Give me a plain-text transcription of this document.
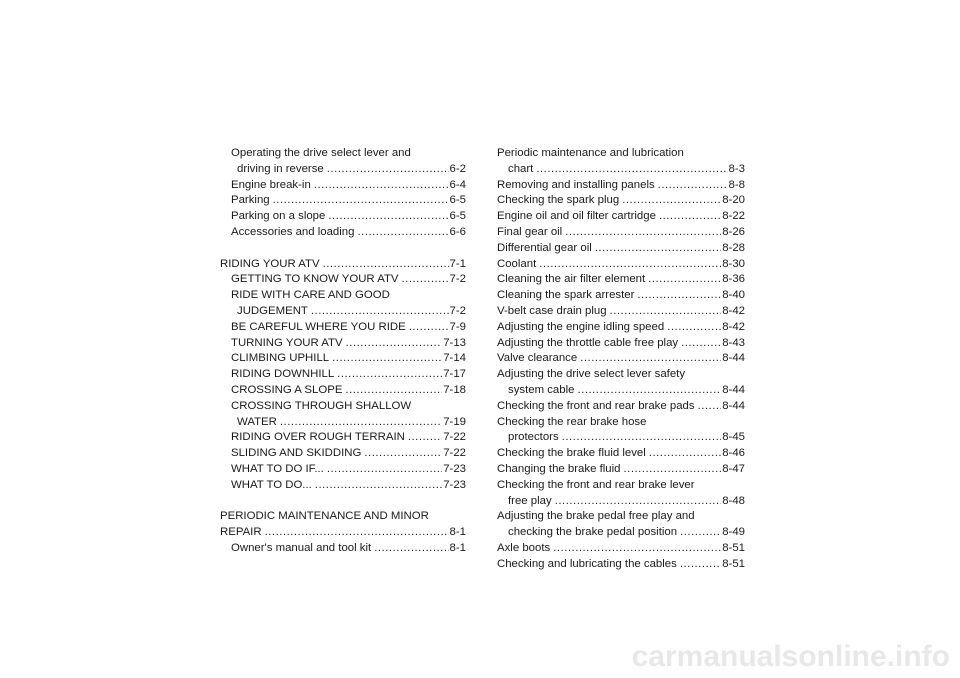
Operating the drive select lever and
driving in reverse .....	6-2
Engine break-in .....	6-4
Parking .....	6-5
Parking on a slope .....	6-5
Accessories and loading .....	6-6
RIDING YOUR ATV .....	7-1
GETTING TO KNOW YOUR ATV .....	7-2
RIDE WITH CARE AND GOOD
JUDGEMENT .....	7-2
BE CAREFUL WHERE YOU RIDE .....	7-9
TURNING YOUR ATV .....	7-13
CLIMBING UPHILL .....	7-14
RIDING DOWNHILL .....	7-17
CROSSING A SLOPE .....	7-18
CROSSING THROUGH SHALLOW
WATER .....	7-19
RIDING OVER ROUGH TERRAIN .....	7-22
SLIDING AND SKIDDING .....	7-22
WHAT TO DO IF... .....	7-23
WHAT TO DO... .....	7-23
PERIODIC MAINTENANCE AND MINOR
REPAIR .....	8-1
Owner's manual and tool kit .....	8-1
Periodic maintenance and lubrication
chart .....	8-3
Removing and installing panels .....	8-8
Checking the spark plug .....	8-20
Engine oil and oil filter cartridge .....	8-22
Final gear oil .....	8-26
Differential gear oil .....	8-28
Coolant .....	8-30
Cleaning the air filter element .....	8-36
Cleaning the spark arrester .....	8-40
V-belt case drain plug .....	8-42
Adjusting the engine idling speed .....	8-42
Adjusting the throttle cable free play .....	8-43
Valve clearance .....	8-44
Adjusting the drive select lever safety
system cable .....	8-44
Checking the front and rear brake pads ..... 8-44
Checking the rear brake hose
protectors .....	8-45
Checking the brake fluid level .....	8-46
Changing the brake fluid .....	8-47
Checking the front and rear brake lever
free play .....	8-48
Adjusting the brake pedal free play and
checking the brake pedal position .....	8-49
Axle boots .....	8-51
Checking and lubricating the cables .....	8-51
carmanualsonline.info
